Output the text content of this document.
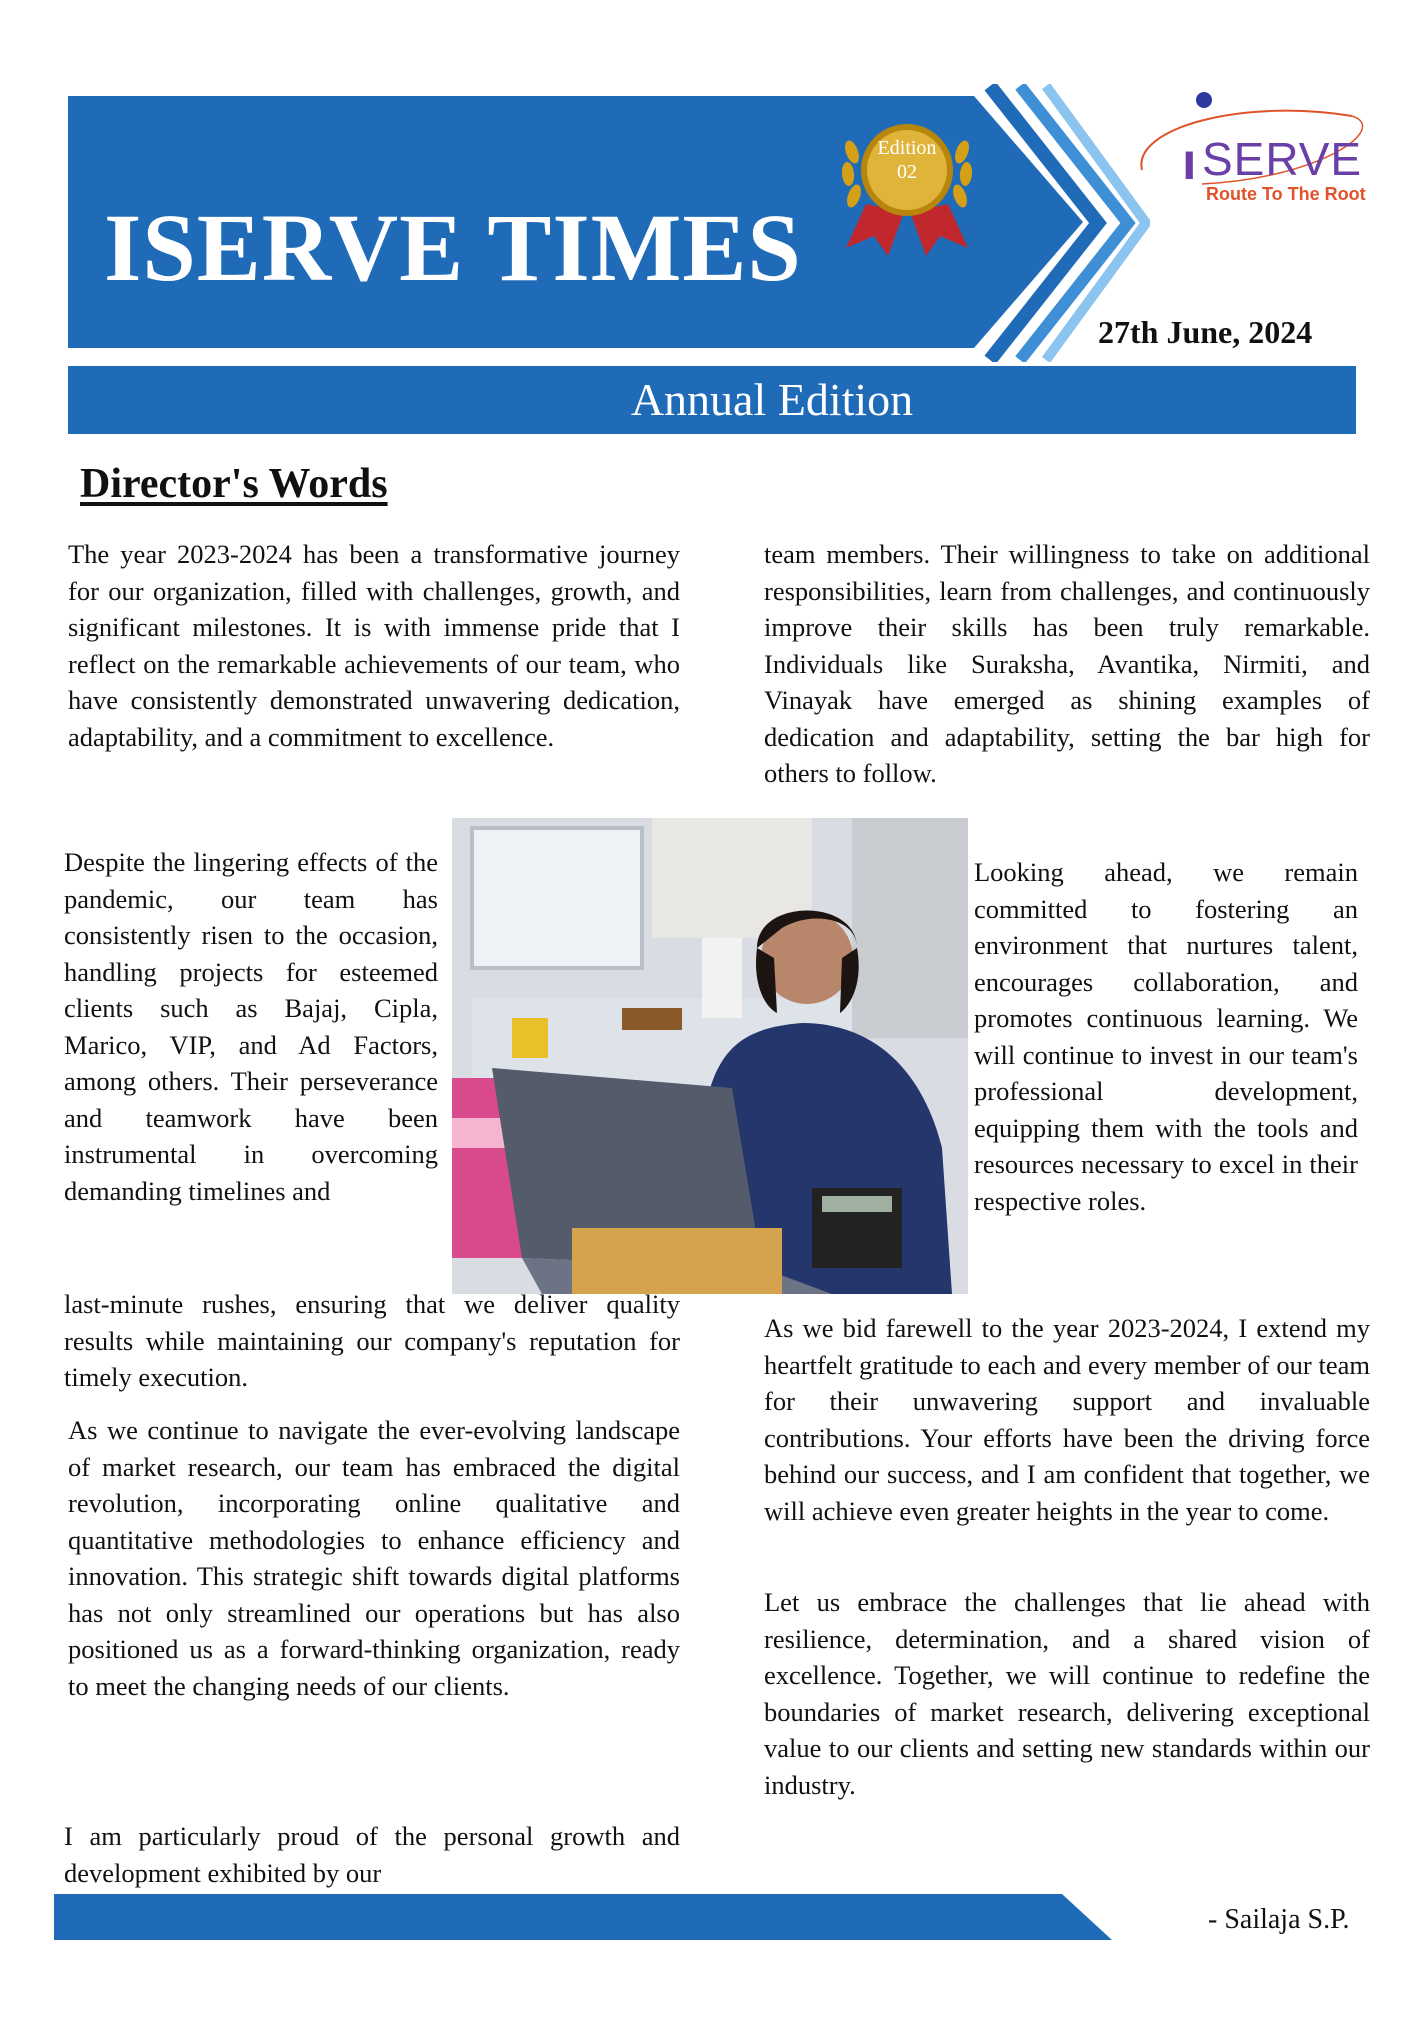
ISERVE TIMES
Edition
02	ı SERVE
Route To The Root
27th June, 2024
Annual Edition
Director's Words

The year 2023-2024 has been a transformative journey for our organization, filled with challenges, growth, and significant milestones. It is with immense pride that I reflect on the remarkable achievements of our team, who have consistently demonstrated unwavering dedication, adaptability, and a commitment to excellence.

team members. Their willingness to take on additional responsibilities, learn from challenges, and continuously improve their skills has been truly remarkable. Individuals like Suraksha, Avantika, Nirmiti, and Vinayak have emerged as shining examples of dedication and adaptability, setting the bar high for others to follow.

Despite the lingering effects of the pandemic, our team has consistently risen to the occasion, handling projects for esteemed clients such as Bajaj, Cipla, Marico, VIP, and Ad Factors, among others. Their perseverance and teamwork have been instrumental in overcoming demanding timelines and

Looking ahead, we remain committed to fostering an environment that nurtures talent, encourages collaboration, and promotes continuous learning. We will continue to invest in our team's professional development, equipping them with the tools and resources necessary to excel in their respective roles.

last-minute rushes, ensuring that we deliver quality results while maintaining our company's reputation for timely execution.

As we continue to navigate the ever-evolving landscape of market research, our team has embraced the digital revolution, incorporating online qualitative and quantitative methodologies to enhance efficiency and innovation. This strategic shift towards digital platforms has not only streamlined our operations but has also positioned us as a forward-thinking organization, ready to meet the changing needs of our clients.

As we bid farewell to the year 2023-2024, I extend my heartfelt gratitude to each and every member of our team for their unwavering support and invaluable contributions. Your efforts have been the driving force behind our success, and I am confident that together, we will achieve even greater heights in the year to come.

Let us embrace the challenges that lie ahead with resilience, determination, and a shared vision of excellence. Together, we will continue to redefine the boundaries of market research, delivering exceptional value to our clients and setting new standards within our industry.

I am particularly proud of the personal growth and development exhibited by our

- Sailaja S.P.
